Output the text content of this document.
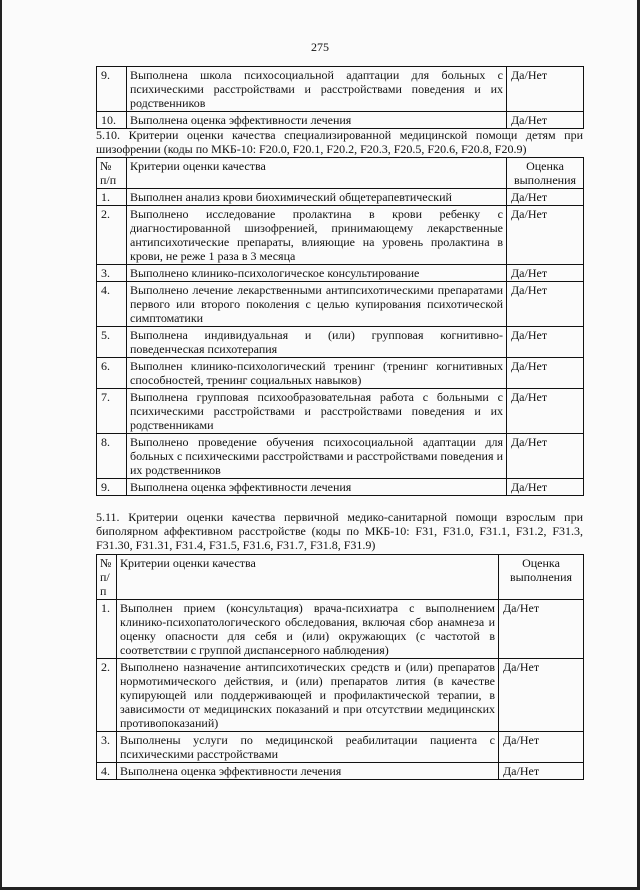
275
9.	Выполнена школа психосоциальной адаптации для больных с психическими расстройствами и расстройствами поведения и их родственников	Да/Нет
10.	Выполнена оценка эффективности лечения	Да/Нет
5.10. Критерии оценки качества специализированной медицинской помощи детям при шизофрении (коды по МКБ-10: F20.0, F20.1, F20.2, F20.3, F20.5, F20.6, F20.8, F20.9)
№ п/п	Критерии оценки качества	Оценка выполнения
1.	Выполнен анализ крови биохимический общетерапевтический	Да/Нет
2.	Выполнено исследование пролактина в крови ребенку с диагностированной шизофренией, принимающему лекарственные антипсихотические препараты, влияющие на уровень пролактина в крови, не реже 1 раза в 3 месяца	Да/Нет
3.	Выполнено клинико-психологическое консультирование	Да/Нет
4.	Выполнено лечение лекарственными антипсихотическими препаратами первого или второго поколения с целью купирования психотической симптоматики	Да/Нет
5.	Выполнена индивидуальная и (или) групповая когнитивно-поведенческая психотерапия	Да/Нет
6.	Выполнен клинико-психологический тренинг (тренинг когнитивных способностей, тренинг социальных навыков)	Да/Нет
7.	Выполнена групповая психообразовательная работа с больными с психическими расстройствами и расстройствами поведения и их родственниками	Да/Нет
8.	Выполнено проведение обучения психосоциальной адаптации для больных с психическими расстройствами и расстройствами поведения и их родственников	Да/Нет
9.	Выполнена оценка эффективности лечения	Да/Нет
5.11. Критерии оценки качества первичной медико-санитарной помощи взрослым при биполярном аффективном расстройстве (коды по МКБ-10: F31, F31.0, F31.1, F31.2, F31.3, F31.30, F31.31, F31.4, F31.5, F31.6, F31.7, F31.8, F31.9)
№ п/п	Критерии оценки качества	Оценка выполнения
1.	Выполнен прием (консультация) врача-психиатра с выполнением клинико-психопатологического обследования, включая сбор анамнеза и оценку опасности для себя и (или) окружающих (с частотой в соответствии с группой диспансерного наблюдения)	Да/Нет
2.	Выполнено назначение антипсихотических средств и (или) препаратов нормотимического действия, и (или) препаратов лития (в качестве купирующей или поддерживающей и профилактической терапии, в зависимости от медицинских показаний и при отсутствии медицинских противопоказаний)	Да/Нет
3.	Выполнены услуги по медицинской реабилитации пациента с психическими расстройствами	Да/Нет
4.	Выполнена оценка эффективности лечения	Да/Нет
